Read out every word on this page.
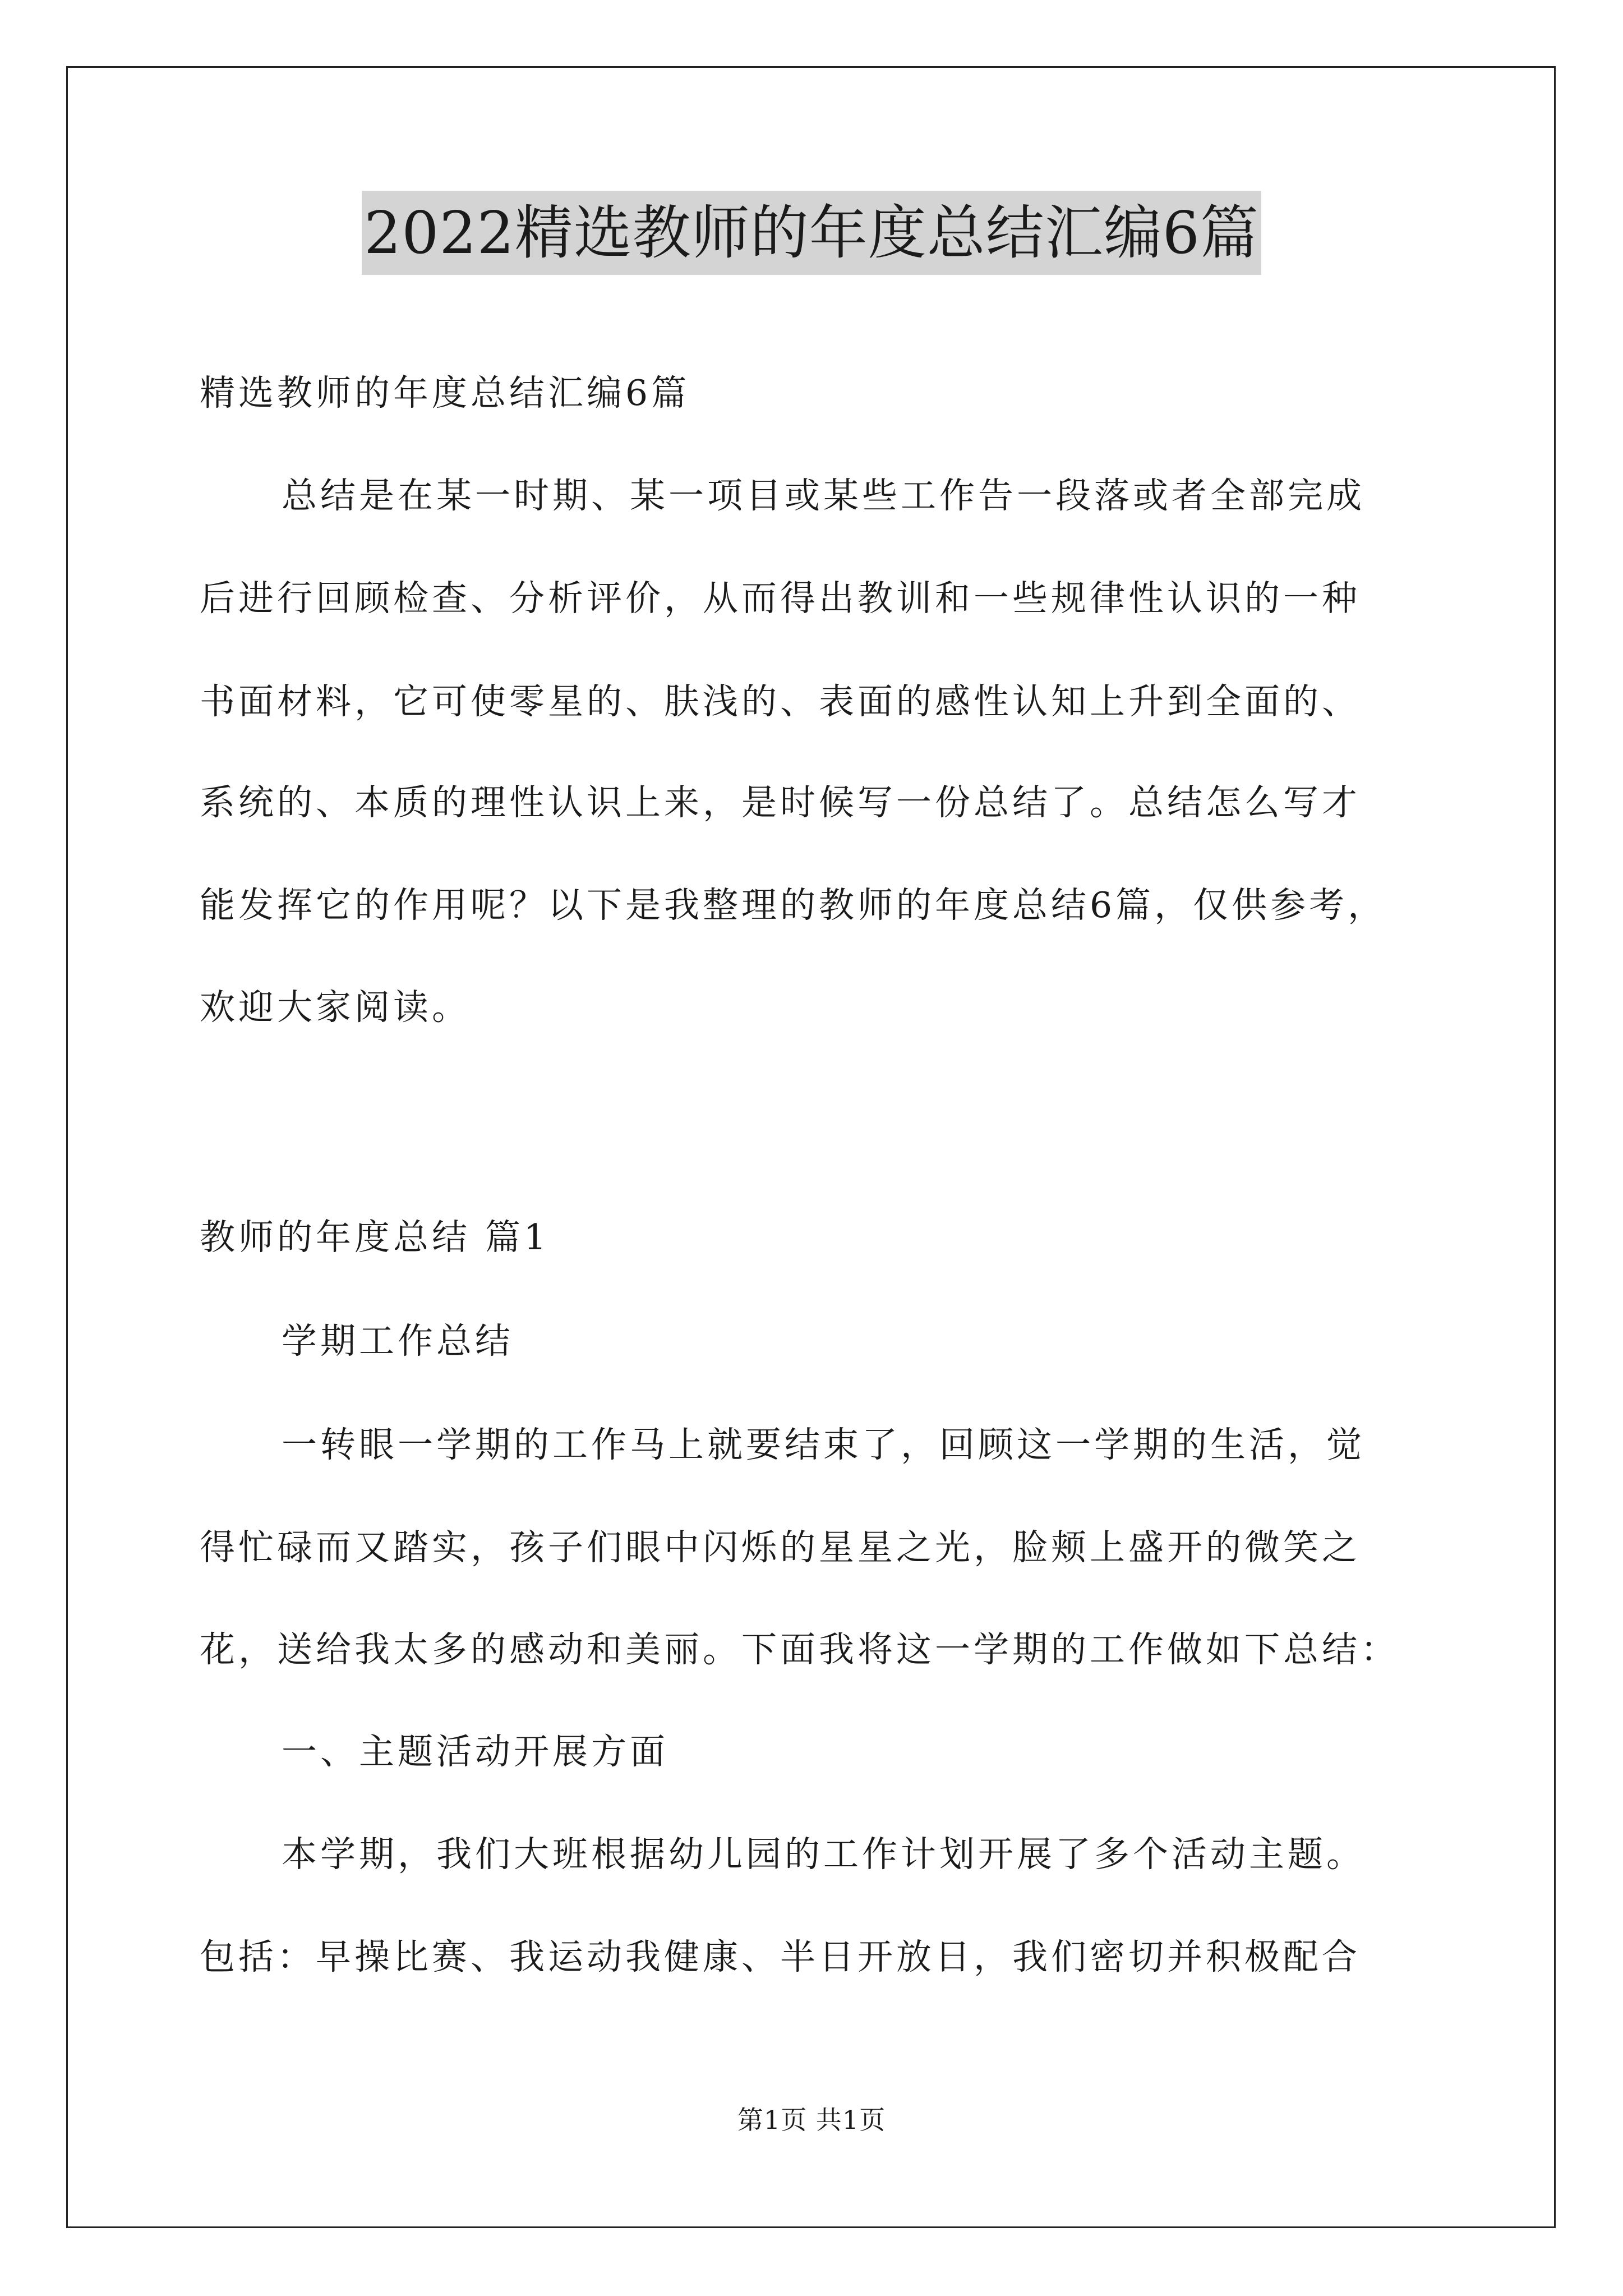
2022精选教师的年度总结汇编6篇
精选教师的年度总结汇编6篇
总结是在某一时期、某一项目或某些工作告一段落或者全部完成
后进行回顾检查、分析评价，从而得出教训和一些规律性认识的一种
书面材料，它可使零星的、肤浅的、表面的感性认知上升到全面的、
系统的、本质的理性认识上来，是时候写一份总结了。总结怎么写才
能发挥它的作用呢？以下是我整理的教师的年度总结6篇，仅供参考，
欢迎大家阅读。
教师的年度总结 篇1
学期工作总结
一转眼一学期的工作马上就要结束了，回顾这一学期的生活，觉
得忙碌而又踏实，孩子们眼中闪烁的星星之光，脸颊上盛开的微笑之
花，送给我太多的感动和美丽。下面我将这一学期的工作做如下总结：
一、主题活动开展方面
本学期，我们大班根据幼儿园的工作计划开展了多个活动主题。
包括：早操比赛、我运动我健康、半日开放日，我们密切并积极配合
第1页 共1页
